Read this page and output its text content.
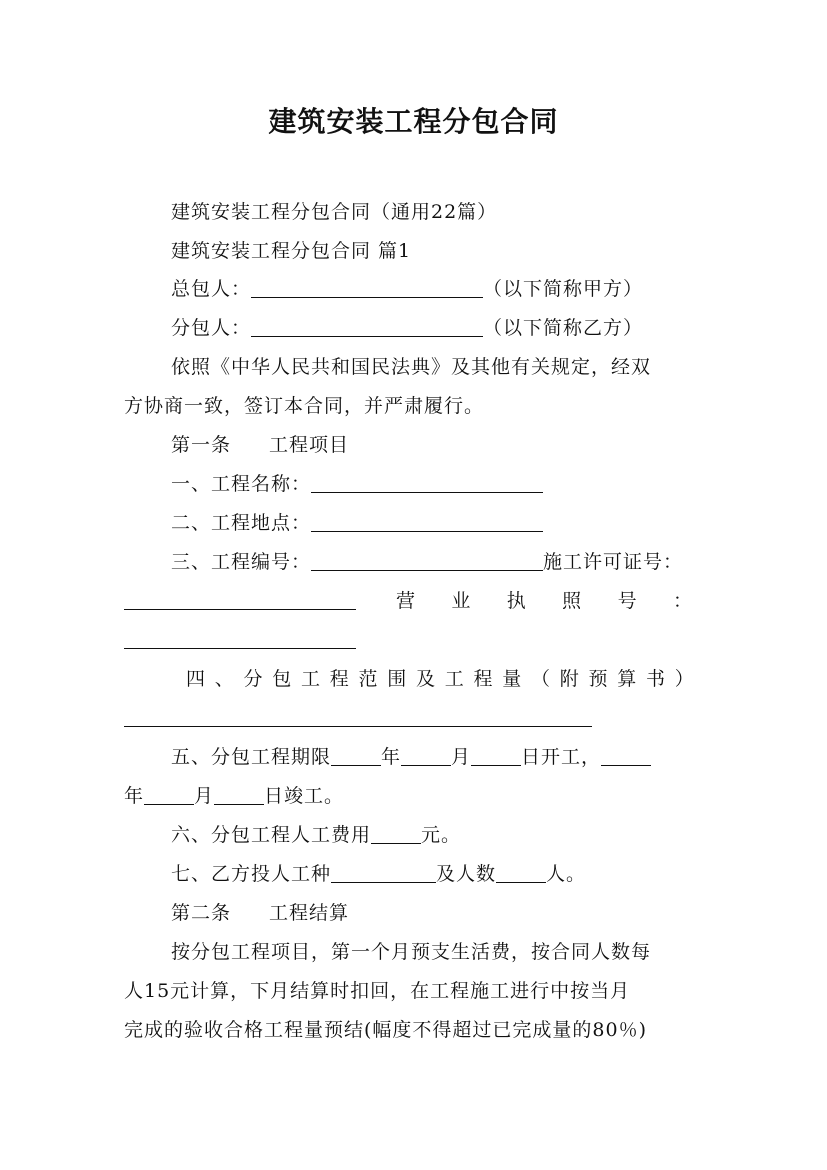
建筑安装工程分包合同
建筑安装工程分包合同（通用22篇）
建筑安装工程分包合同 篇1
总包人：	（以下简称甲方）
分包人：	（以下简称乙方）
依照《中华人民共和国民法典》及其他有关规定，经双
方协商一致，签订本合同，并严肃履行。
第一条 工程项目
一、工程名称：
二、工程地点：
三、工程编号：	施工许可证号：
营 业 执 照 号 ：
四 、 分 包 工 程 范 围 及 工 程 量 （ 附 预 算 书 ）
五、分包工程期限	年	月	日开工，
年	月	日竣工。
六、分包工程人工费用	元。
七、乙方投人工种	及人数	人。
第二条 工程结算
按分包工程项目，第一个月预支生活费，按合同人数每
人15元计算，下月结算时扣回，在工程施工进行中按当月
完成的验收合格工程量预结(幅度不得超过已完成量的80％)
